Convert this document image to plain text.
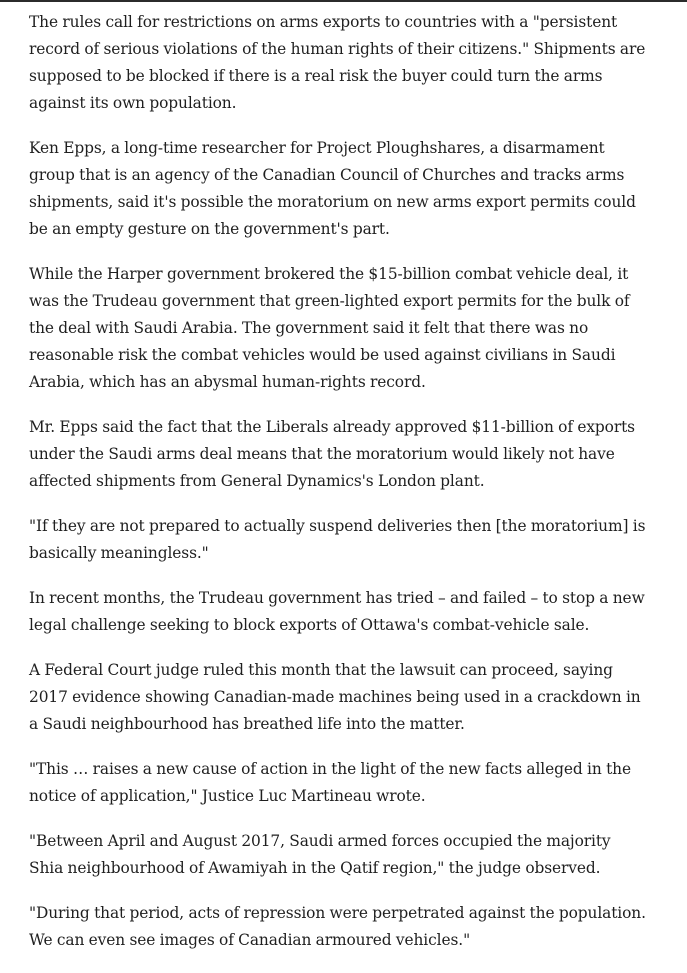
The rules call for restrictions on arms exports to countries with a "persistent record of serious violations of the human rights of their citizens." Shipments are supposed to be blocked if there is a real risk the buyer could turn the arms against its own population.

Ken Epps, a long-time researcher for Project Ploughshares, a disarmament group that is an agency of the Canadian Council of Churches and tracks arms shipments, said it's possible the moratorium on new arms export permits could be an empty gesture on the government's part.

While the Harper government brokered the $15-billion combat vehicle deal, it was the Trudeau government that green-lighted export permits for the bulk of the deal with Saudi Arabia. The government said it felt that there was no reasonable risk the combat vehicles would be used against civilians in Saudi Arabia, which has an abysmal human-rights record.

Mr. Epps said the fact that the Liberals already approved $11-billion of exports under the Saudi arms deal means that the moratorium would likely not have affected shipments from General Dynamics's London plant.

"If they are not prepared to actually suspend deliveries then [the moratorium] is basically meaningless."

In recent months, the Trudeau government has tried – and failed – to stop a new legal challenge seeking to block exports of Ottawa's combat-vehicle sale.

A Federal Court judge ruled this month that the lawsuit can proceed, saying 2017 evidence showing Canadian-made machines being used in a crackdown in a Saudi neighbourhood has breathed life into the matter.

"This … raises a new cause of action in the light of the new facts alleged in the notice of application," Justice Luc Martineau wrote.

"Between April and August 2017, Saudi armed forces occupied the majority Shia neighbourhood of Awamiyah in the Qatif region," the judge observed.

"During that period, acts of repression were perpetrated against the population. We can even see images of Canadian armoured vehicles."
